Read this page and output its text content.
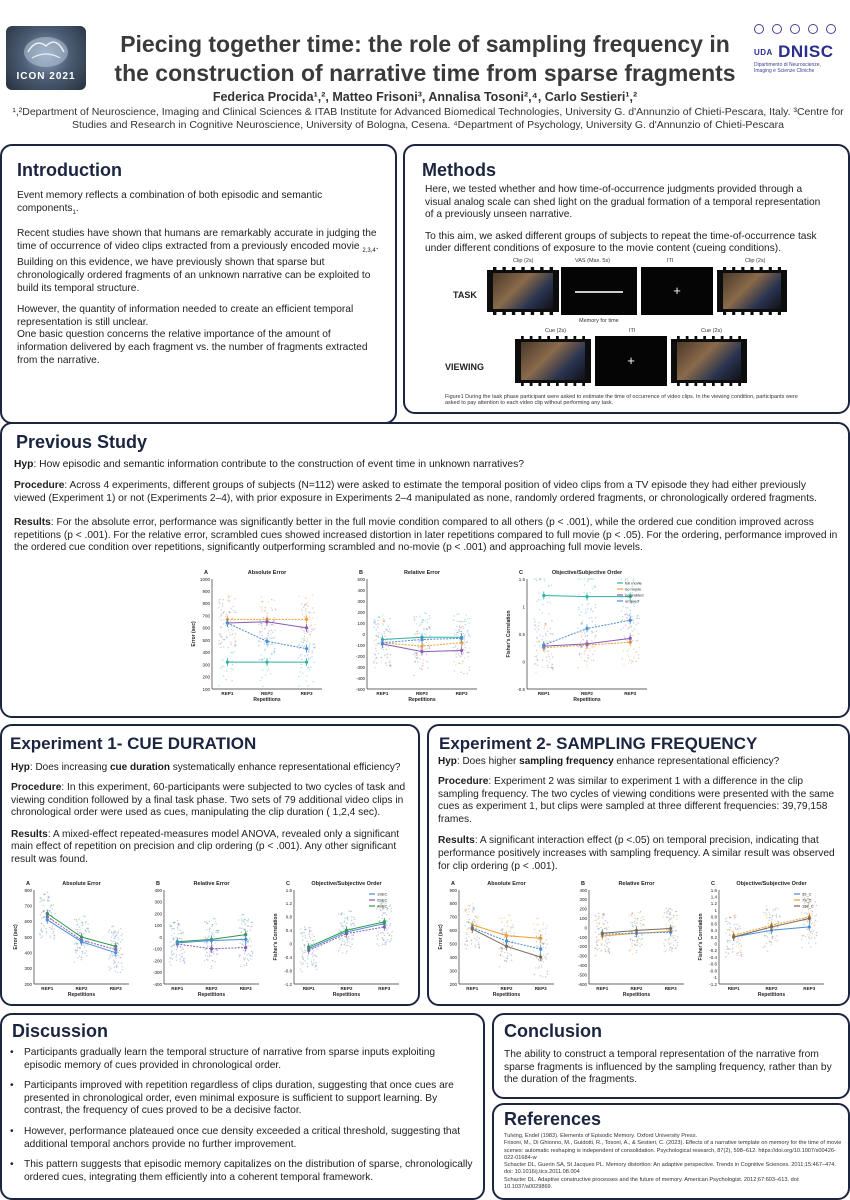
ICON 2021
Piecing together time: the role of sampling frequency in
the construction of narrative time from sparse fragments
UDA DNISC
Dipartimento di Neuroscienze, Imaging e Scienze Cliniche
Federica Procida¹,², Matteo Frisoni³, Annalisa Tosoni²,⁴, Carlo Sestieri¹,²
¹,²Department of Neuroscience, Imaging and Clinical Sciences & ITAB Institute for Advanced Biomedical Technologies, University G. d'Annunzio of Chieti-Pescara, Italy. ³Centre for Studies and Research in Cognitive Neuroscience, University of Bologna, Cesena. ⁴Department of Psychology, University G. d'Annunzio of Chieti-Pescara
Introduction

Event memory reflects a combination of both episodic and semantic components$_1$.

Recent studies have shown that humans are remarkably accurate in judging the time of occurrence of video clips extracted from a previously encoded movie $_{2,3,4}$. Building on this evidence, we have previously shown that sparse but chronologically ordered fragments of an unknown narrative can be exploited to build its temporal structure.

However, the quantity of information needed to create an efficient temporal representation is still unclear.

One basic question concerns the relative importance of the amount of information delivered by each fragment vs. the number of fragments extracted from the narrative.

Methods

Here, we tested whether and how time-of-occurrence judgments provided through a visual analog scale can shed light on the gradual formation of a temporal representation of a previously unseen narrative.

To this aim, we asked different groups of subjects to repeat the time-of-occurrence task under different conditions of exposure to the movie content (cueing conditions).

TASK
Clip (2s)	VAS (Max. 5s)	ITI	Clip (2s)
Memory for time
+
VIEWING
Cue (2s)	ITI	Cue (2s)
+
Figure1 During the task phase participant were asked to estimate the time of occurrence of video clips. In the viewing condition, participants were asked to pay attention to each video clip without performing any task.
Previous Study
Hyp: How episodic and semantic information contribute to the construction of event time in unknown narratives?
Procedure: Across 4 experiments, different groups of subjects (N=112) were asked to estimate the temporal position of video clips from a TV episode they had either previously viewed (Experiment 1) or not (Experiments 2–4), with prior exposure in Experiments 2–4 manipulated as none, randomly ordered fragments, or chronologically ordered fragments.
Results: For the absolute error, performance was significantly better in the full movie condition compared to all others (p < .001), while the ordered cue condition improved across repetitions (p < .001). For the relative error, scrambled cues showed increased distortion in later repetitions compared to full movie (p < .05). For the ordering, performance improved in the ordered cue condition over repetitions, significantly outperforming scrambled and no-movie (p < .001) and approaching full movie levels.
Absolute Error
A
100
200
300
400
500
600
700
800
900
1000
REP1	REP2	REP3
Repetitions
Error (sec)
Relative Error
B
-500
-400
-300
-200
-100
0
100
200
300
400
500
REP1	REP2	REP3
Repetitions
Objective/Subjective Order
C
-0.5
0
0.5
1
1.5
REP1	REP2	REP3
Repetitions
Fisher's Correlation
full movie
no movie
scrambled
ordered
Experiment 1- CUE DURATION
Hyp: Does increasing cue duration systematically enhance representational efficiency?

Procedure: In this experiment, 60-participants were subjected to two cycles of task and viewing condition followed by a final task phase. Two sets of 79 additional video clips in chronological order were used as cues, manipulating the clip duration ( 1,2,4 sec).

Results: A mixed-effect repeated-measures model ANOVA, revealed only a significant main effect of repetition on precision and clip ordering (p < .001). Any other significant result was found.

Absolute Error
A
200
300
400
500
600
700
800
REP1	REP2	REP3
Repetitions
Error (sec)
Relative Error
B
-400
-300
-200
-100
0
100
200
300
400
REP1	REP2	REP3
Repetitions
Objective/Subjective Order
C
-1.2
-0.8
-0.4
0
0.4
0.8
1.2
1.6
REP1	REP2	REP3
Repetitions
Fisher's Correlation
1SEC
2SEC
4SEC
Experiment 2- SAMPLING FREQUENCY
Hyp: Does higher sampling frequency enhance representational efficiency?

Procedure: Experiment 2 was similar to experiment 1 with a difference in the clip sampling frequency. The two cycles of viewing conditions were presented with the same cues as experiment 1, but clips were sampled at three different frequencies: 39,79,158 frames.

Results: A significant interaction effect (p <.05) on temporal precision, indicating that performance positively increases with sampling frequency. A similar result was observed for clip ordering (p < .001).

Absolute Error
A
200
300
400
500
600
700
800
900
REP1	REP2	REP3
Repetitions
Error (sec)
Relative Error
B
-600
-500
-400
-300
-200
-100
0
100
200
300
400
REP1	REP2	REP3
Repetitions
Objective/Subjective Order
C
-1.2
-1
-0.8
-0.6
-0.4
-0.2
0
0.2
0.4
0.6
0.8
1
1.2
1.4
1.6
REP1	REP2	REP3
Repetitions
Fisher's Correlation
39_C
79_C
158_C
Discussion
• Participants gradually learn the temporal structure of narrative from sparse inputs exploiting episodic memory of cues provided in chronological order.
• Participants improved with repetition regardless of clips duration, suggesting that once cues are presented in chronological order, even minimal exposure is sufficient to support learning. By contrast, the frequency of cues proved to be a decisive factor.
• However, performance plateaued once cue density exceeded a critical threshold, suggesting that additional temporal anchors provide no further improvement.
• This pattern suggests that episodic memory capitalizes on the distribution of sparse, chronologically ordered cues, integrating them efficiently into a coherent temporal framework.
Conclusion
The ability to construct a temporal representation of the narrative from sparse fragments is influenced by the sampling frequency, rather than by the duration of the fragments.
References
Tulving, Endel (1983). Elements of Episodic Memory. Oxford University Press.
Frisoni, M., Di Ghionno, M., Guidotti, R., Tosoni, A., & Sestieri, C. (2023). Effects of a narrative template on memory for the time of movie scenes: automatic reshaping is independent of consolidation. Psychological research, 87(2), 598–612. https://doi.org/10.1007/s00426-022-01684-w
Schacter DL, Guerin SA, St Jacques PL. Memory distortion: An adaptive perspective. Trends in Cognitive Sciences. 2011;15:467–474. doi: 10.1016/j.tics.2011.08.004
Schacter DL. Adaptive constructive processes and the future of memory. American Psychologist. 2012;67:603–613. doi: 10.1037/a0029869.
